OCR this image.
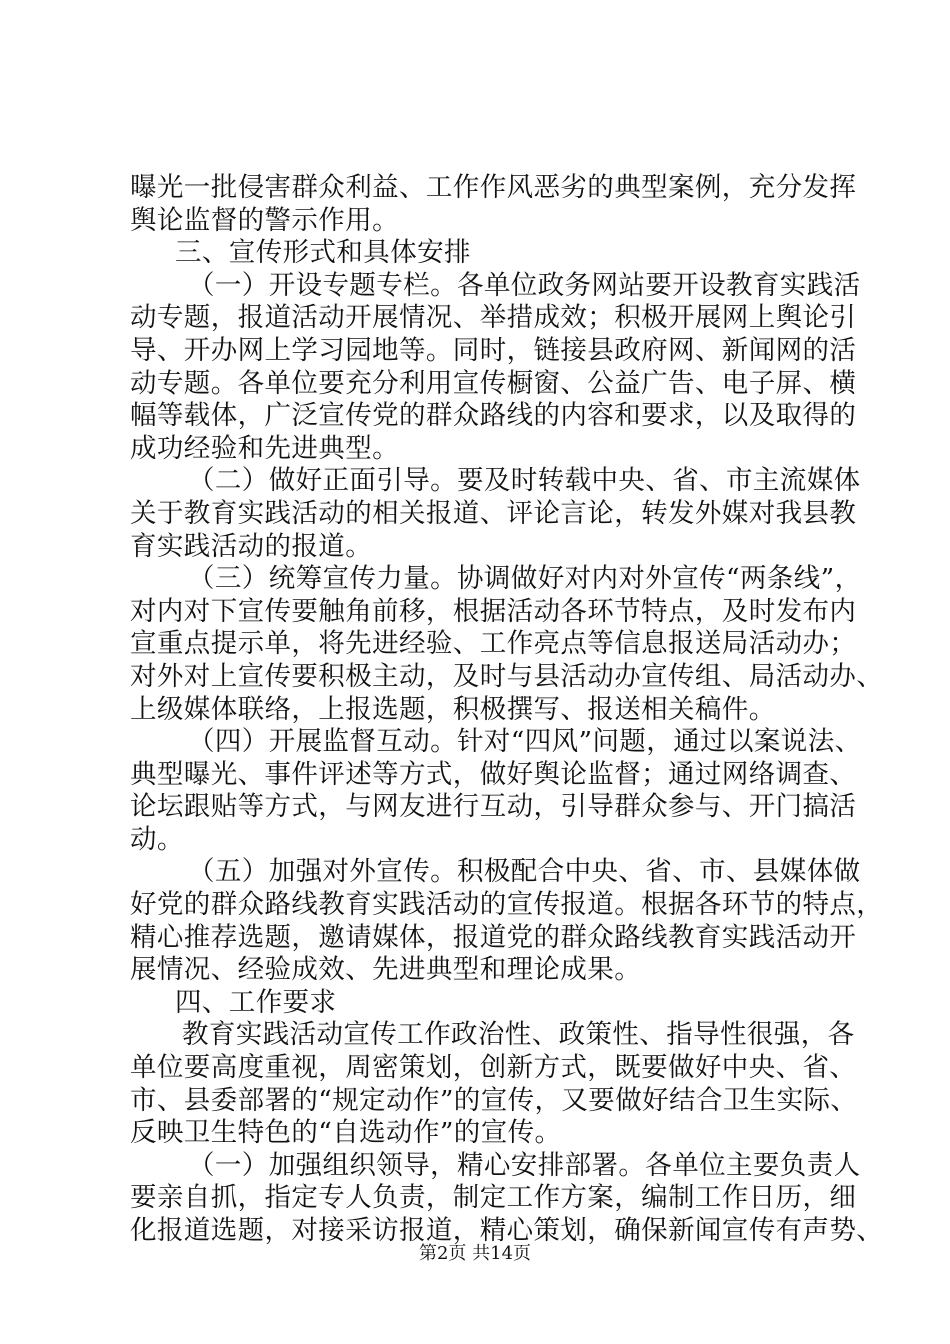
曝光一批侵害群众利益、工作作风恶劣的典型案例，充分发挥
舆论监督的警示作用。
三、宣传形式和具体安排
（一）开设专题专栏。各单位政务网站要开设教育实践活
动专题，报道活动开展情况、举措成效；积极开展网上舆论引
导、开办网上学习园地等。同时，链接县政府网、新闻网的活
动专题。各单位要充分利用宣传橱窗、公益广告、电子屏、横
幅等载体，广泛宣传党的群众路线的内容和要求，以及取得的
成功经验和先进典型。
（二）做好正面引导。要及时转载中央、省、市主流媒体
关于教育实践活动的相关报道、评论言论，转发外媒对我县教
育实践活动的报道。
（三）统筹宣传力量。协调做好对内对外宣传“两条线”，
对内对下宣传要触角前移，根据活动各环节特点，及时发布内
宣重点提示单，将先进经验、工作亮点等信息报送局活动办；
对外对上宣传要积极主动，及时与县活动办宣传组、局活动办、
上级媒体联络，上报选题，积极撰写、报送相关稿件。
（四）开展监督互动。针对“四风”问题，通过以案说法、
典型曝光、事件评述等方式，做好舆论监督；通过网络调查、
论坛跟贴等方式，与网友进行互动，引导群众参与、开门搞活
动。
（五）加强对外宣传。积极配合中央、省、市、县媒体做
好党的群众路线教育实践活动的宣传报道。根据各环节的特点，
精心推荐选题，邀请媒体，报道党的群众路线教育实践活动开
展情况、经验成效、先进典型和理论成果。
四、工作要求
教育实践活动宣传工作政治性、政策性、指导性很强，各
单位要高度重视，周密策划，创新方式，既要做好中央、省、
市、县委部署的“规定动作”的宣传，又要做好结合卫生实际、
反映卫生特色的“自选动作”的宣传。
（一）加强组织领导，精心安排部署。各单位主要负责人
要亲自抓，指定专人负责，制定工作方案，编制工作日历，细
化报道选题，对接采访报道，精心策划，确保新闻宣传有声势、
第2页 共14页
